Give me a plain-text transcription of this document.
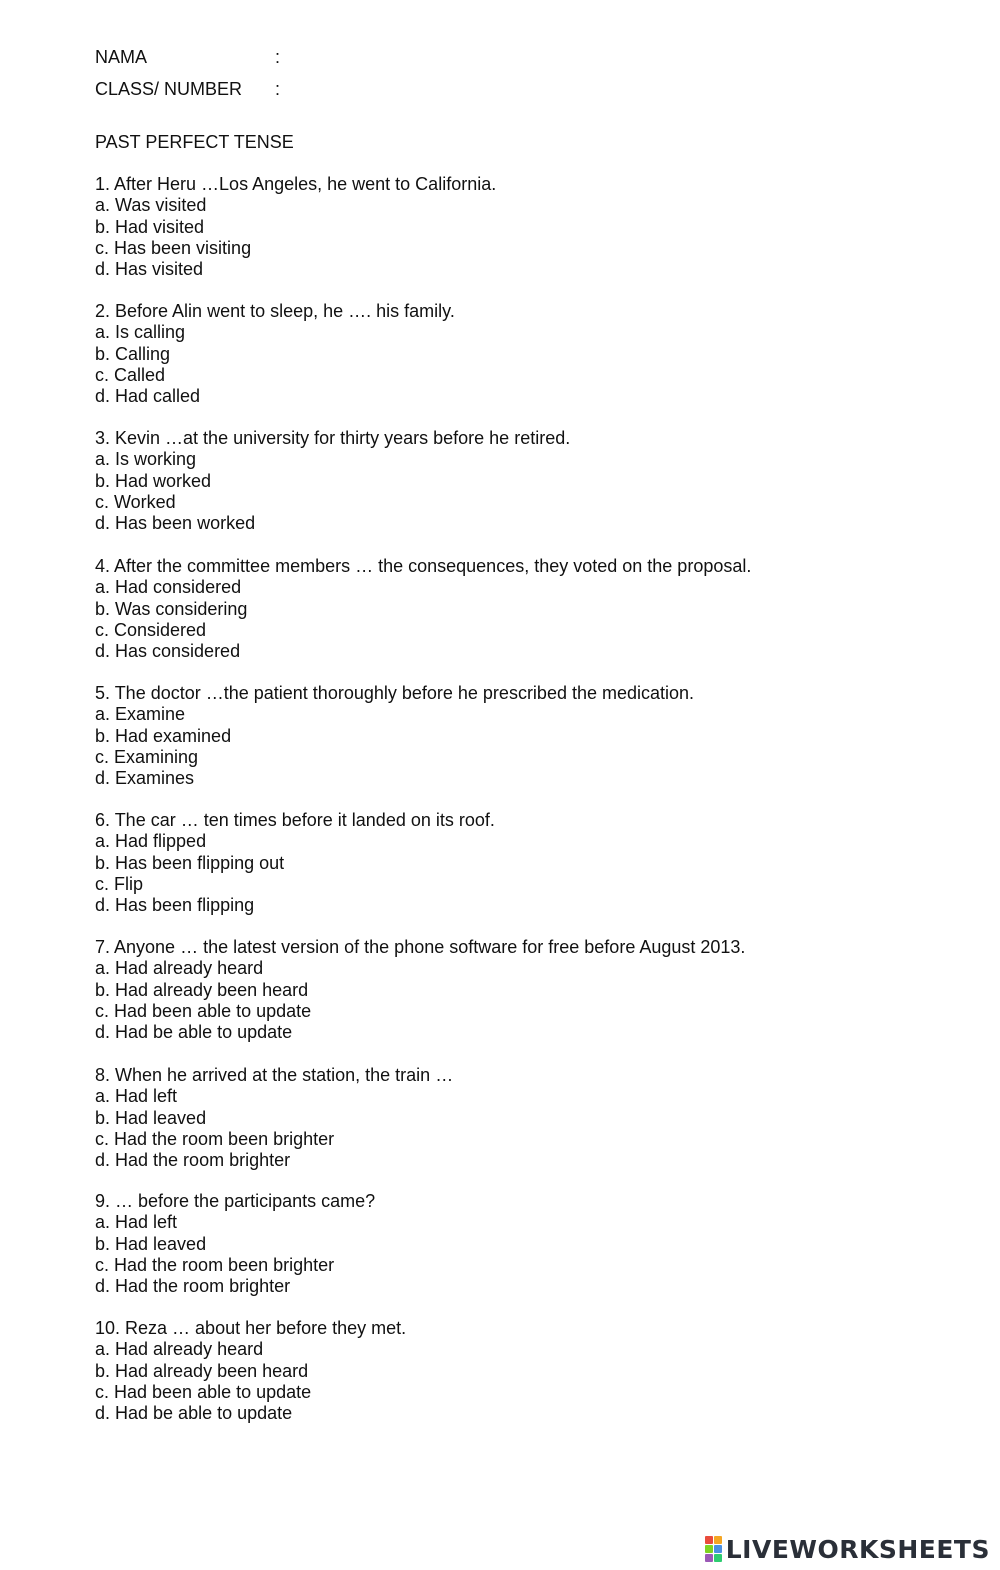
NAMA	:
CLASS/ NUMBER :
PAST PERFECT TENSE
1. After Heru …Los Angeles, he went to California.
a. Was visited
b. Had visited
c. Has been visiting
d. Has visited
2. Before Alin went to sleep, he …. his family.
a. Is calling
b. Calling
c. Called
d. Had called
3. Kevin …at the university for thirty years before he retired.
a. Is working
b. Had worked
c. Worked
d. Has been worked
4. After the committee members … the consequences, they voted on the proposal.
a. Had considered
b. Was considering
c. Considered
d. Has considered
5. The doctor …the patient thoroughly before he prescribed the medication.
a. Examine
b. Had examined
c. Examining
d. Examines
6. The car … ten times before it landed on its roof.
a. Had flipped
b. Has been flipping out
c. Flip
d. Has been flipping
7. Anyone … the latest version of the phone software for free before August 2013.
a. Had already heard
b. Had already been heard
c. Had been able to update
d. Had be able to update
8. When he arrived at the station, the train …
a. Had left
b. Had leaved
c. Had the room been brighter
d. Had the room brighter
9. … before the participants came?
a. Had left
b. Had leaved
c. Had the room been brighter
d. Had the room brighter
10. Reza … about her before they met.
a. Had already heard
b. Had already been heard
c. Had been able to update
d. Had be able to update
LIVEWORKSHEETS
